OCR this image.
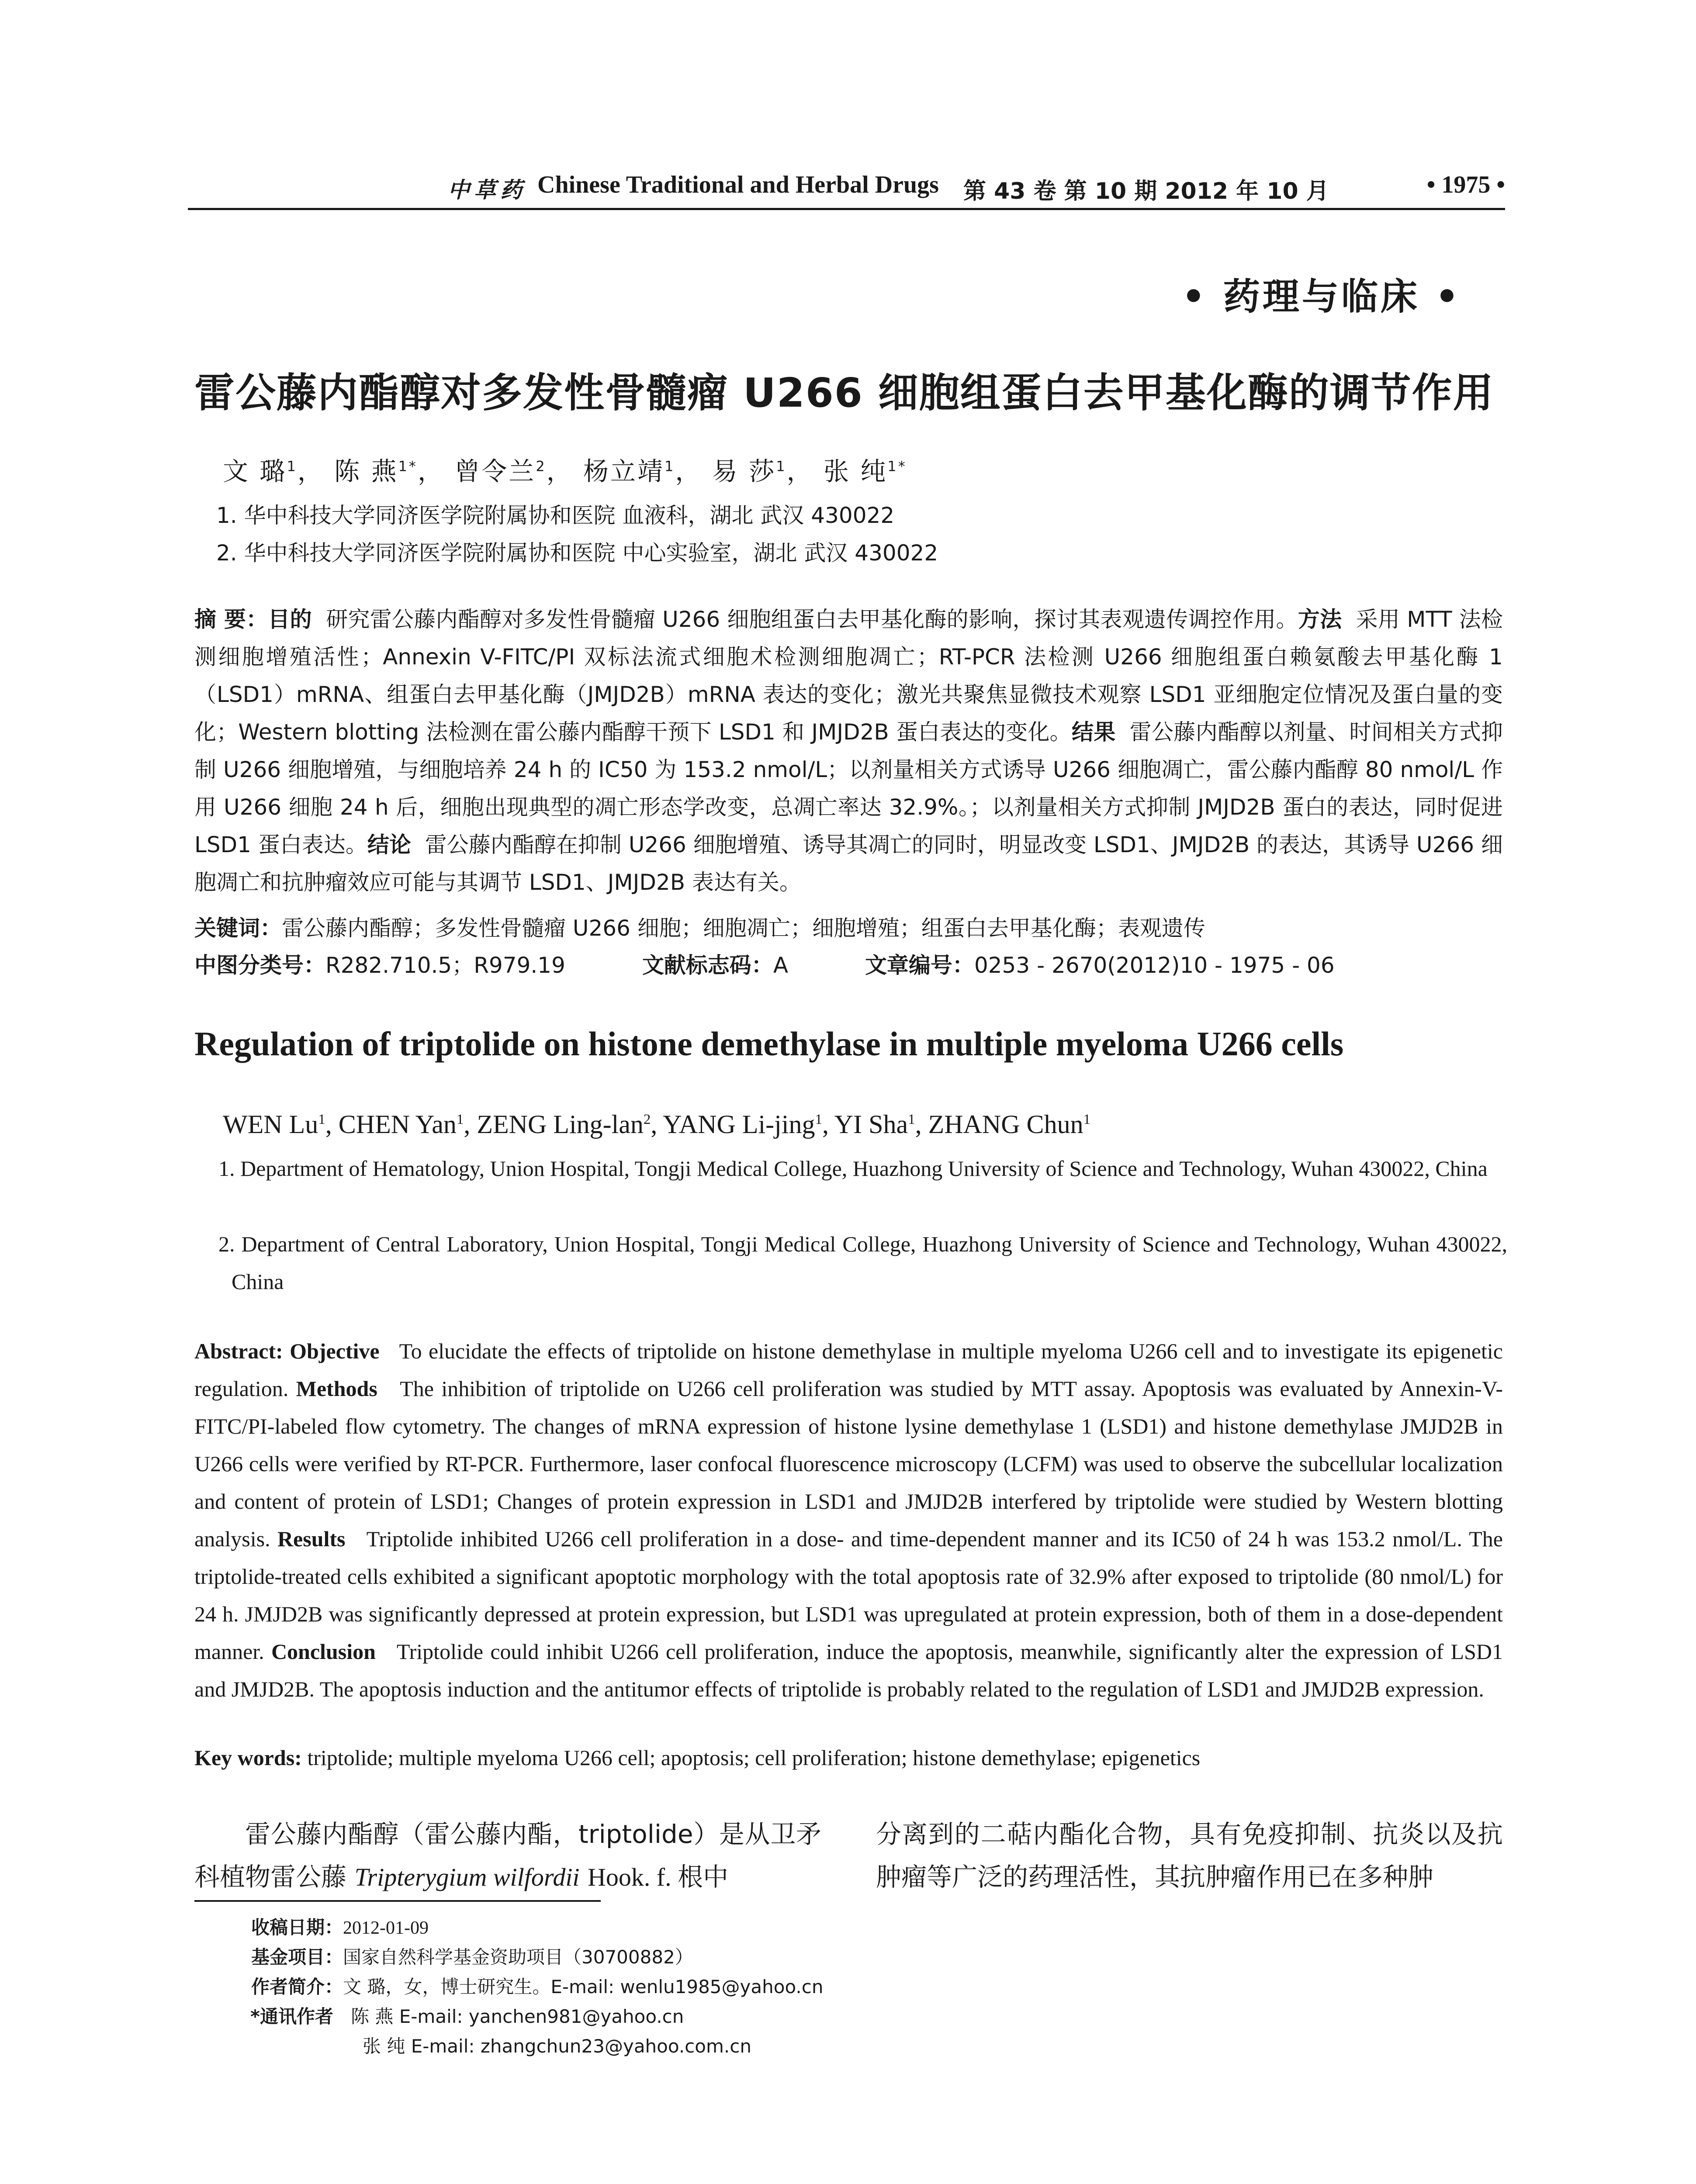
中草药 Chinese Traditional and Herbal Drugs 第 43 卷 第 10 期 2012 年 10 月	• 1975 •
• 药理与临床 •
雷公藤内酯醇对多发性骨髓瘤 U266 细胞组蛋白去甲基化酶的调节作用
文 璐$^1$， 陈 燕$^{1*}$， 曾令兰$^2$， 杨立靖$^1$， 易 莎$^1$， 张 纯$^{1*}$
1. 华中科技大学同济医学院附属协和医院 血液科，湖北 武汉 430022
2. 华中科技大学同济医学院附属协和医院 中心实验室，湖北 武汉 430022
摘 要：目的 研究雷公藤内酯醇对多发性骨髓瘤 U266 细胞组蛋白去甲基化酶的影响，探讨其表观遗传调控作用。方法 采用 MTT 法检测细胞增殖活性；Annexin V-FITC/PI 双标法流式细胞术检测细胞凋亡；RT-PCR 法检测 U266 细胞组蛋白赖氨酸去甲基化酶 1（LSD1）mRNA、组蛋白去甲基化酶（JMJD2B）mRNA 表达的变化；激光共聚焦显微技术观察 LSD1 亚细胞定位情况及蛋白量的变化；Western blotting 法检测在雷公藤内酯醇干预下 LSD1 和 JMJD2B 蛋白表达的变化。结果 雷公藤内酯醇以剂量、时间相关方式抑制 U266 细胞增殖，与细胞培养 24 h 的 IC50 为 153.2 nmol/L；以剂量相关方式诱导 U266 细胞凋亡，雷公藤内酯醇 80 nmol/L 作用 U266 细胞 24 h 后，细胞出现典型的凋亡形态学改变，总凋亡率达 32.9%。；以剂量相关方式抑制 JMJD2B 蛋白的表达，同时促进 LSD1 蛋白表达。结论 雷公藤内酯醇在抑制 U266 细胞增殖、诱导其凋亡的同时，明显改变 LSD1、JMJD2B 的表达，其诱导 U266 细胞凋亡和抗肿瘤效应可能与其调节 LSD1、JMJD2B 表达有关。
关键词：雷公藤内酯醇；多发性骨髓瘤 U266 细胞；细胞凋亡；细胞增殖；组蛋白去甲基化酶；表观遗传
中图分类号：R282.710.5；R979.19	文献标志码：A	文章编号：0253 - 2670(2012)10 - 1975 - 06
Regulation of triptolide on histone demethylase in multiple myeloma U266 cells
WEN Lu$^1$, CHEN Yan$^1$, ZENG Ling-lan$^2$, YANG Li-jing$^1$, YI Sha$^1$, ZHANG Chun$^1$
1. Department of Hematology, Union Hospital, Tongji Medical College, Huazhong University of Science and Technology, Wuhan 430022, China
2. Department of Central Laboratory, Union Hospital, Tongji Medical College, Huazhong University of Science and Technology, Wuhan 430022, China
Abstract: Objective To elucidate the effects of triptolide on histone demethylase in multiple myeloma U266 cell and to investigate its epigenetic regulation. Methods The inhibition of triptolide on U266 cell proliferation was studied by MTT assay. Apoptosis was evaluated by Annexin-V-FITC/PI-labeled flow cytometry. The changes of mRNA expression of histone lysine demethylase 1 (LSD1) and histone demethylase JMJD2B in U266 cells were verified by RT-PCR. Furthermore, laser confocal fluorescence microscopy (LCFM) was used to observe the subcellular localization and content of protein of LSD1; Changes of protein expression in LSD1 and JMJD2B interfered by triptolide were studied by Western blotting analysis. Results Triptolide inhibited U266 cell proliferation in a dose- and time-dependent manner and its IC50 of 24 h was 153.2 nmol/L. The triptolide-treated cells exhibited a significant apoptotic morphology with the total apoptosis rate of 32.9% after exposed to triptolide (80 nmol/L) for 24 h. JMJD2B was significantly depressed at protein expression, but LSD1 was upregulated at protein expression, both of them in a dose-dependent manner. Conclusion Triptolide could inhibit U266 cell proliferation, induce the apoptosis, meanwhile, significantly alter the expression of LSD1 and JMJD2B. The apoptosis induction and the antitumor effects of triptolide is probably related to the regulation of LSD1 and JMJD2B expression.
Key words: triptolide; multiple myeloma U266 cell; apoptosis; cell proliferation; histone demethylase; epigenetics
雷公藤内酯醇（雷公藤内酯，triptolide）是从卫矛科植物雷公藤 Tripterygium wilfordii Hook. f. 根中
分离到的二萜内酯化合物，具有免疫抑制、抗炎以及抗肿瘤等广泛的药理活性，其抗肿瘤作用已在多种肿
收稿日期：2012-01-09
基金项目：国家自然科学基金资助项目（30700882）
作者简介：文 璐，女，博士研究生。E-mail: wenlu1985@yahoo.cn
*通讯作者 陈 燕 E-mail: yanchen981@yahoo.cn
张 纯 E-mail: zhangchun23@yahoo.com.cn
